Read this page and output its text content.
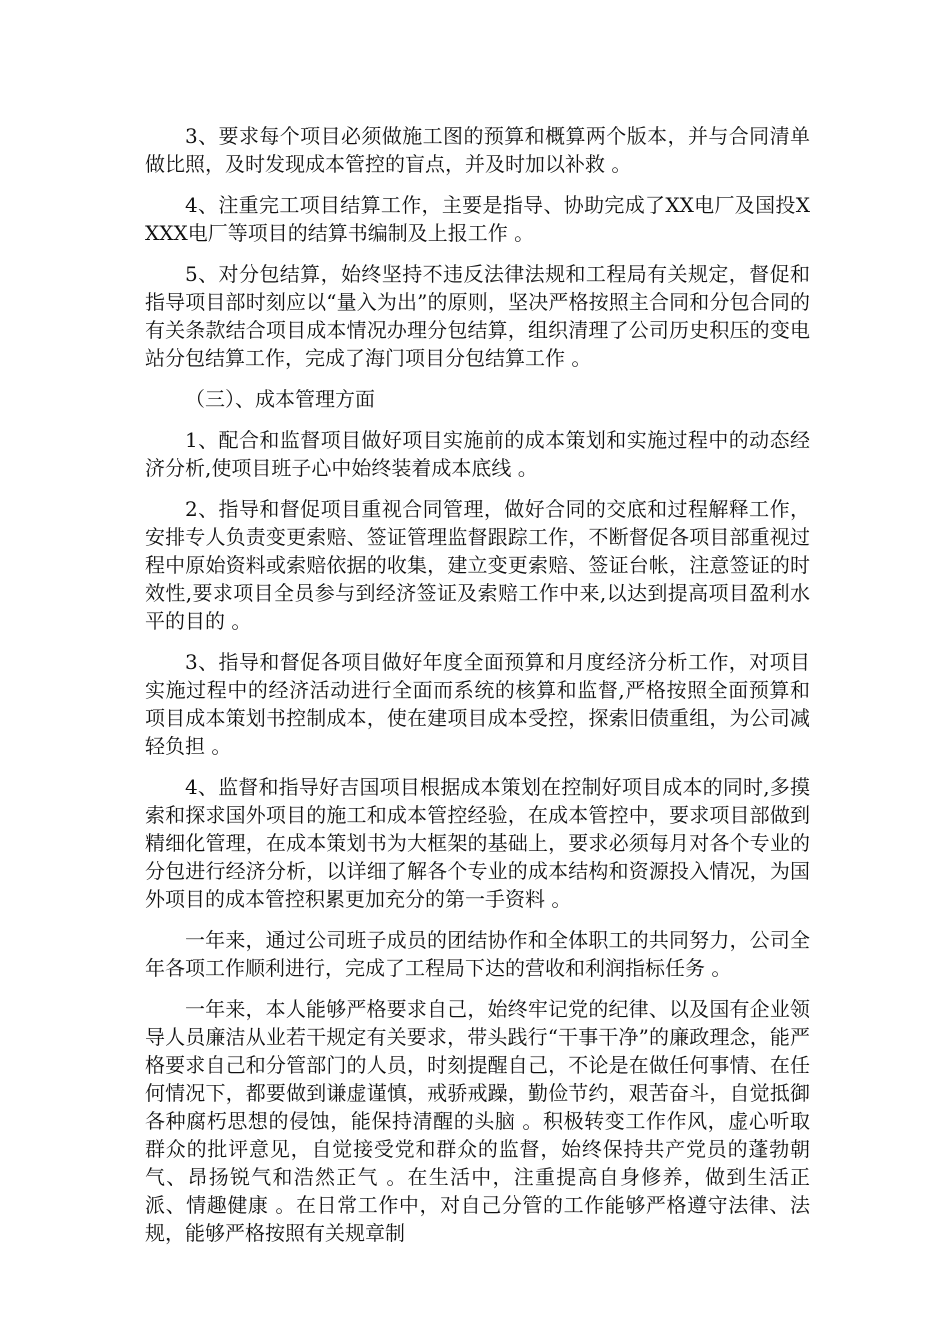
3、要求每个项目必须做施工图的预算和概算两个版本，并与合同清单做比照，及时发现成本管控的盲点，并及时加以补救 。

4、注重完工项目结算工作，主要是指导、协助完成了XX电厂及国投XXXX电厂等项目的结算书编制及上报工作 。

5、对分包结算，始终坚持不违反法律法规和工程局有关规定，督促和指导项目部时刻应以“量入为出”的原则，坚决严格按照主合同和分包合同的有关条款结合项目成本情况办理分包结算，组织清理了公司历史积压的变电站分包结算工作，完成了海门项目分包结算工作 。

（三）、成本管理方面

1、配合和监督项目做好项目实施前的成本策划和实施过程中的动态经济分析,使项目班子心中始终装着成本底线 。

2、指导和督促项目重视合同管理，做好合同的交底和过程解释工作，安排专人负责变更索赔、签证管理监督跟踪工作，不断督促各项目部重视过程中原始资料或索赔依据的收集，建立变更索赔、签证台帐，注意签证的时效性,要求项目全员参与到经济签证及索赔工作中来,以达到提高项目盈利水平的目的 。

3、指导和督促各项目做好年度全面预算和月度经济分析工作，对项目实施过程中的经济活动进行全面而系统的核算和监督,严格按照全面预算和项目成本策划书控制成本，使在建项目成本受控，探索旧债重组，为公司减轻负担 。

4、监督和指导好吉国项目根据成本策划在控制好项目成本的同时,多摸索和探求国外项目的施工和成本管控经验，在成本管控中，要求项目部做到精细化管理，在成本策划书为大框架的基础上，要求必须每月对各个专业的分包进行经济分析，以详细了解各个专业的成本结构和资源投入情况，为国外项目的成本管控积累更加充分的第一手资料 。

一年来，通过公司班子成员的团结协作和全体职工的共同努力，公司全年各项工作顺利进行，完成了工程局下达的营收和利润指标任务 。

一年来，本人能够严格要求自己，始终牢记党的纪律、以及国有企业领导人员廉洁从业若干规定有关要求，带头践行“干事干净”的廉政理念，能严格要求自己和分管部门的人员，时刻提醒自己，不论是在做任何事情、在任何情况下，都要做到谦虚谨慎，戒骄戒躁，勤俭节约，艰苦奋斗，自觉抵御各种腐朽思想的侵蚀，能保持清醒的头脑 。积极转变工作作风，虚心听取群众的批评意见，自觉接受党和群众的监督，始终保持共产党员的蓬勃朝气、昂扬锐气和浩然正气 。在生活中，注重提高自身修养，做到生活正派、情趣健康 。在日常工作中，对自己分管的工作能够严格遵守法律、法规，能够严格按照有关规章制
